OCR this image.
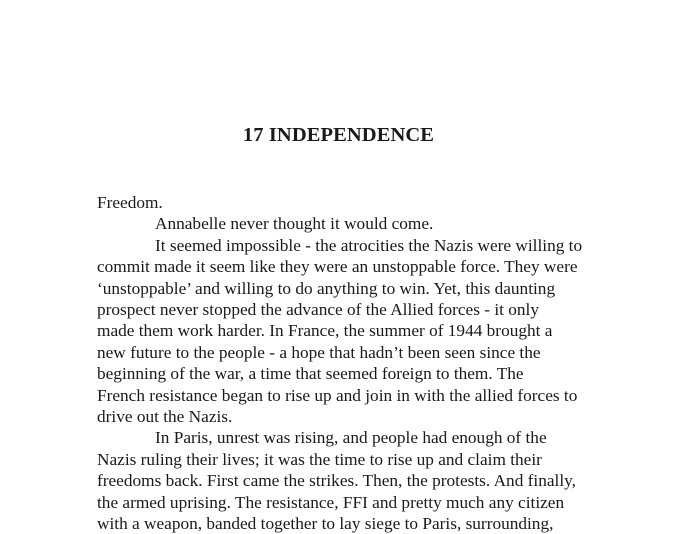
17 INDEPENDENCE
Freedom.
Annabelle never thought it would come.
It seemed impossible - the atrocities the Nazis were willing to
commit made it seem like they were an unstoppable force. They were
‘unstoppable’ and willing to do anything to win. Yet, this daunting
prospect never stopped the advance of the Allied forces - it only
made them work harder. In France, the summer of 1944 brought a
new future to the people - a hope that hadn’t been seen since the
beginning of the war, a time that seemed foreign to them. The
French resistance began to rise up and join in with the allied forces to
drive out the Nazis.
In Paris, unrest was rising, and people had enough of the
Nazis ruling their lives; it was the time to rise up and claim their
freedoms back. First came the strikes. Then, the protests. And finally,
the armed uprising. The resistance, FFI and pretty much any citizen
with a weapon, banded together to lay siege to Paris, surrounding,
